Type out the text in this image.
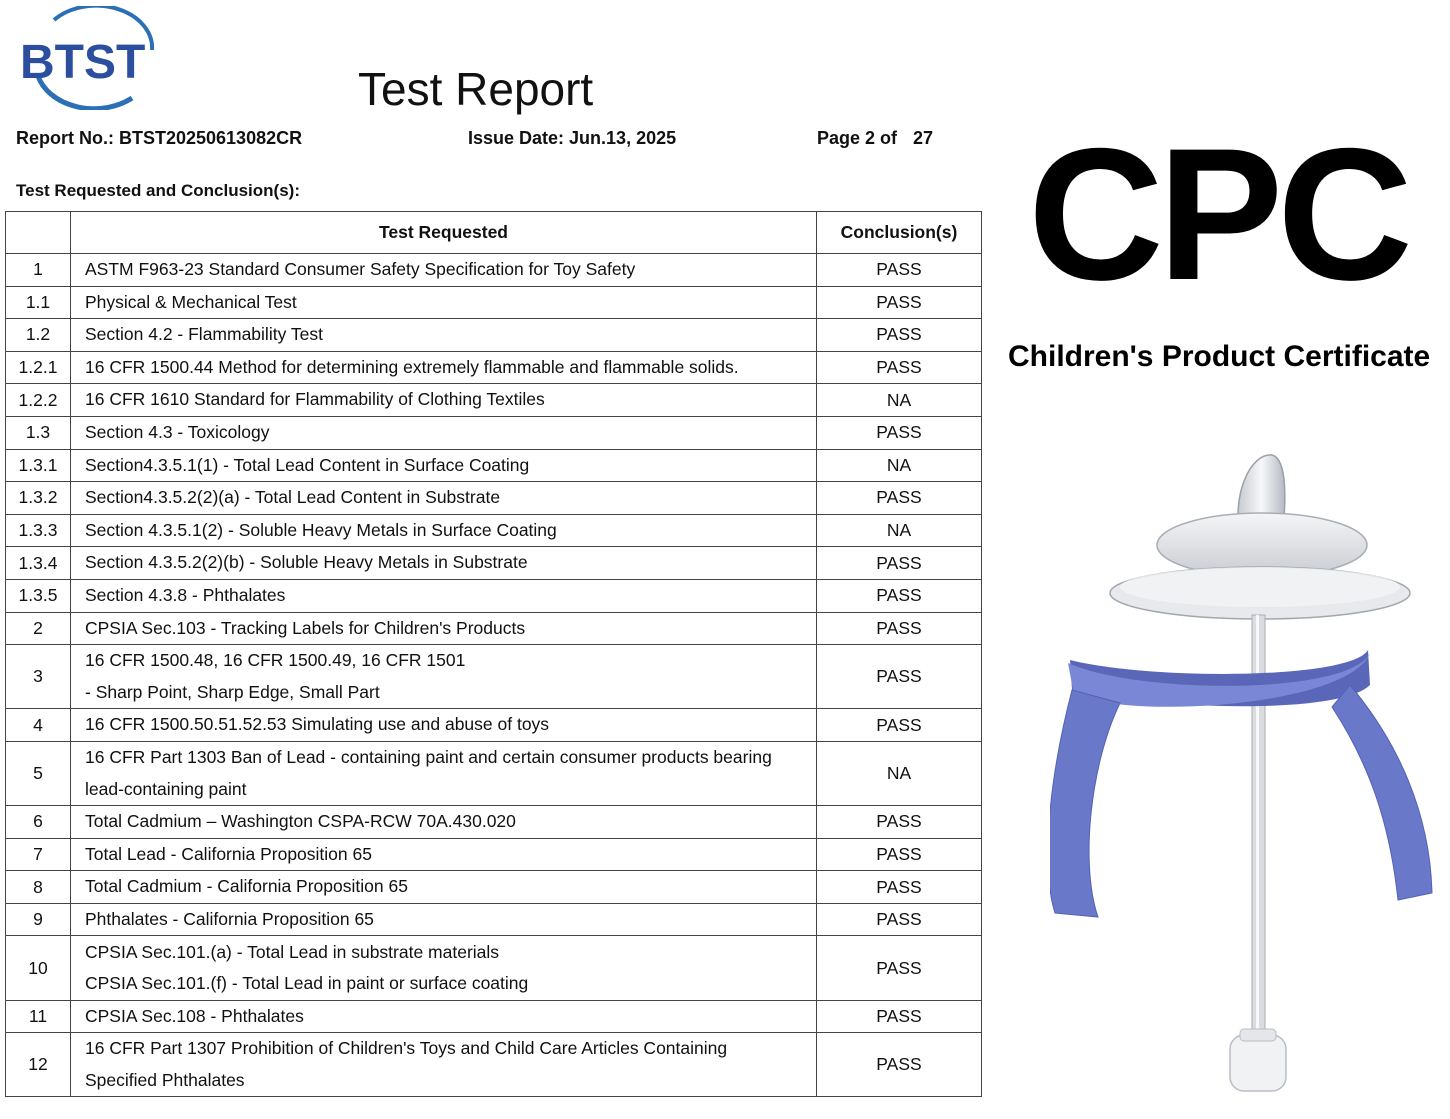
BTST	Test Report
Report No.: BTST20250613082CR	Issue Date: Jun.13, 2025	Page 2 of 27
Test Requested and Conclusion(s):
	Test Requested	Conclusion(s)
1	ASTM F963-23 Standard Consumer Safety Specification for Toy Safety	PASS
1.1	Physical & Mechanical Test	PASS
1.2	Section 4.2 - Flammability Test	PASS
1.2.1	16 CFR 1500.44 Method for determining extremely flammable and flammable solids.	PASS
1.2.2	16 CFR 1610 Standard for Flammability of Clothing Textiles	NA
1.3	Section 4.3 - Toxicology	PASS
1.3.1	Section4.3.5.1(1) - Total Lead Content in Surface Coating	NA
1.3.2	Section4.3.5.2(2)(a) - Total Lead Content in Substrate	PASS
1.3.3	Section 4.3.5.1(2) - Soluble Heavy Metals in Surface Coating	NA
1.3.4	Section 4.3.5.2(2)(b) - Soluble Heavy Metals in Substrate	PASS
1.3.5	Section 4.3.8 - Phthalates	PASS
2	CPSIA Sec.103 - Tracking Labels for Children's Products	PASS
3	16 CFR 1500.48, 16 CFR 1500.49, 16 CFR 1501
- Sharp Point, Sharp Edge, Small Part	PASS
4	16 CFR 1500.50.51.52.53 Simulating use and abuse of toys	PASS
5	16 CFR Part 1303 Ban of Lead - containing paint and certain consumer products bearing
lead-containing paint	NA
6	Total Cadmium – Washington CSPA-RCW 70A.430.020	PASS
7	Total Lead - California Proposition 65	PASS
8	Total Cadmium - California Proposition 65	PASS
9	Phthalates - California Proposition 65	PASS
10	CPSIA Sec.101.(a) - Total Lead in substrate materials
CPSIA Sec.101.(f) - Total Lead in paint or surface coating	PASS
11	CPSIA Sec.108 - Phthalates	PASS
12	16 CFR Part 1307 Prohibition of Children's Toys and Child Care Articles Containing
Specified Phthalates	PASS
CPC
Children's Product Certificate
